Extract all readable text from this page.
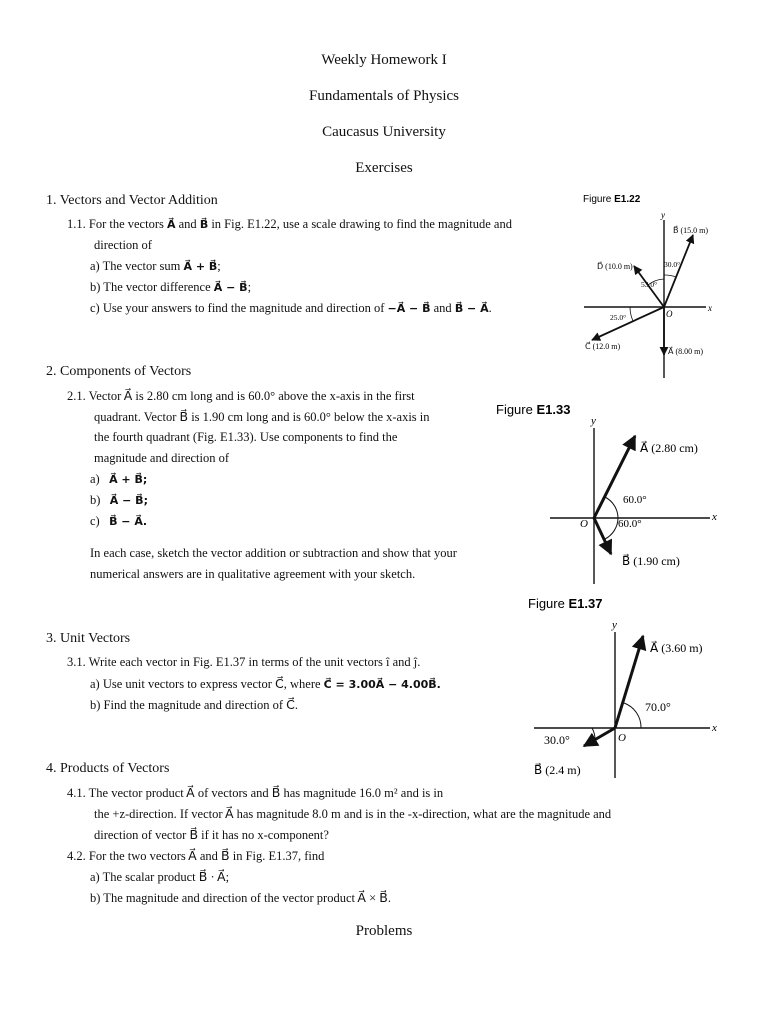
Weekly Homework I
Fundamentals of Physics
Caucasus University
Exercises
1. Vectors and Vector Addition
1.1. For the vectors A⃗ and B⃗ in Fig. E1.22, use a scale drawing to find the magnitude and
direction of
a) The vector sum A⃗ + B⃗;
b) The vector difference A⃗ − B⃗;
c) Use your answers to find the magnitude and direction of −A⃗ − B⃗ and B⃗ − A⃗.
Figure E1.22
y
x
O
B⃗ (15.0 m)
D⃗ (10.0 m)
C⃗ (12.0 m)
A⃗ (8.00 m)
30.0°
53.0°
25.0°
2. Components of Vectors
2.1. Vector A⃗ is 2.80 cm long and is 60.0° above the x-axis in the first
quadrant. Vector B⃗ is 1.90 cm long and is 60.0° below the x-axis in
the fourth quadrant (Fig. E1.33). Use components to find the
magnitude and direction of
a) A⃗ + B⃗;
b) A⃗ − B⃗;
c) B⃗ − A⃗.
In each case, sketch the vector addition or subtraction and show that your
numerical answers are in qualitative agreement with your sketch.
Figure E1.33
y
x
O
A⃗ (2.80 cm)
B⃗ (1.90 cm)
60.0°
60.0°
3. Unit Vectors
3.1. Write each vector in Fig. E1.37 in terms of the unit vectors î and ĵ.
a) Use unit vectors to express vector C⃗, where C⃗ = 3.00A⃗ − 4.00B⃗.
b) Find the magnitude and direction of C⃗.
Figure E1.37
y
x
O
A⃗ (3.60 m)
B⃗ (2.4 m)
70.0°
30.0°
4. Products of Vectors
4.1. The vector product A⃗ of vectors and B⃗ has magnitude 16.0 m² and is in
the +z-direction. If vector A⃗ has magnitude 8.0 m and is in the -x-direction, what are the magnitude and
direction of vector B⃗ if it has no x-component?
4.2. For the two vectors A⃗ and B⃗ in Fig. E1.37, find
a) The scalar product B⃗ · A⃗;
b) The magnitude and direction of the vector product A⃗ × B⃗.
Problems
